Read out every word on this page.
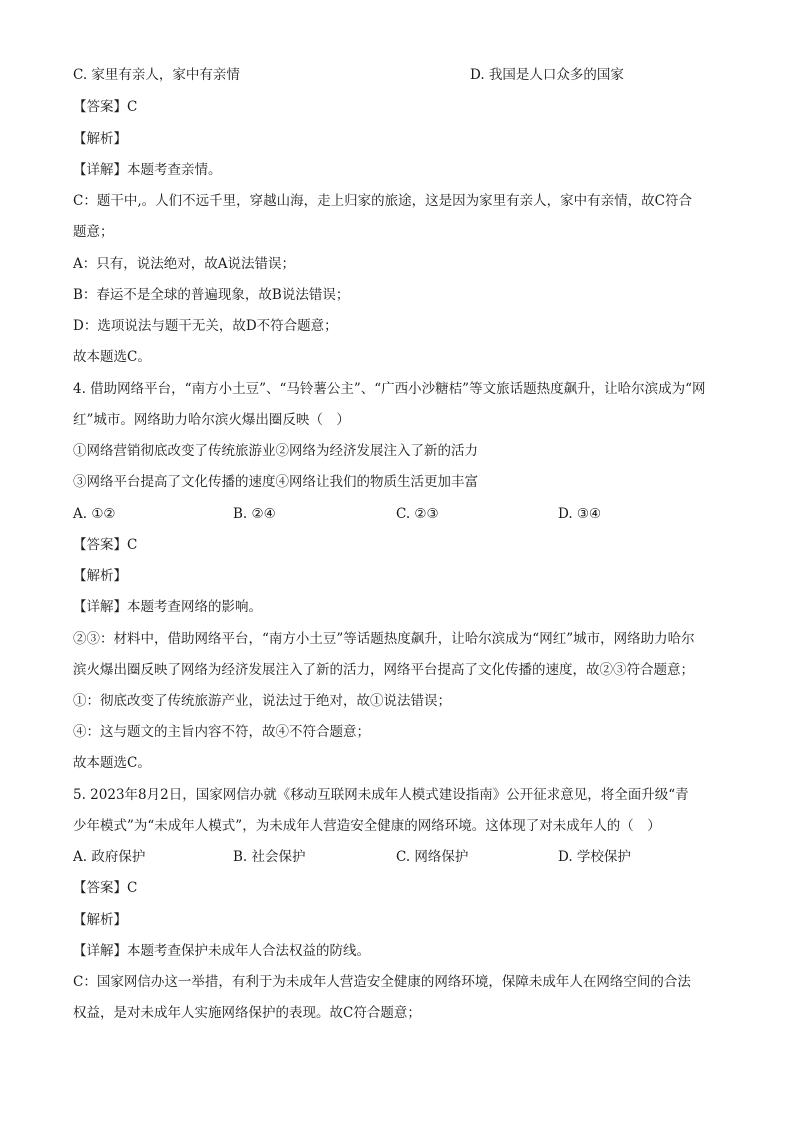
C. 家里有亲人，家中有亲情	D. 我国是人口众多的国家
【答案】C
【解析】
【详解】本题考查亲情。
C：题干中,。人们不远千里，穿越山海，走上归家的旅途，这是因为家里有亲人，家中有亲情，故C符合
题意；
A：只有，说法绝对，故A说法错误；
B：春运不是全球的普遍现象，故B说法错误；
D：选项说法与题干无关，故D不符合题意；
故本题选C。
4. 借助网络平台，“南方小土豆”、“马铃薯公主”、“广西小沙糖桔”等文旅话题热度飙升，让哈尔滨成为“网
红”城市。网络助力哈尔滨火爆出圈反映（　）
①网络营销彻底改变了传统旅游业②网络为经济发展注入了新的活力
③网络平台提高了文化传播的速度④网络让我们的物质生活更加丰富
A. ①②	B. ②④	C. ②③	D. ③④
【答案】C
【解析】
【详解】本题考查网络的影响。
②③：材料中，借助网络平台，“南方小土豆”等话题热度飙升，让哈尔滨成为“网红”城市，网络助力哈尔
滨火爆出圈反映了网络为经济发展注入了新的活力，网络平台提高了文化传播的速度，故②③符合题意；
①：彻底改变了传统旅游产业，说法过于绝对，故①说法错误；
④：这与题文的主旨内容不符，故④不符合题意；
故本题选C。
5. 2023年8月2日，国家网信办就《移动互联网未成年人模式建设指南》公开征求意见，将全面升级“青
少年模式”为“未成年人模式”，为未成年人营造安全健康的网络环境。这体现了对未成年人的（　）
A. 政府保护	B. 社会保护	C. 网络保护	D. 学校保护
【答案】C
【解析】
【详解】本题考查保护未成年人合法权益的防线。
C：国家网信办这一举措，有利于为未成年人营造安全健康的网络环境，保障未成年人在网络空间的合法
权益，是对未成年人实施网络保护的表现。故C符合题意；
